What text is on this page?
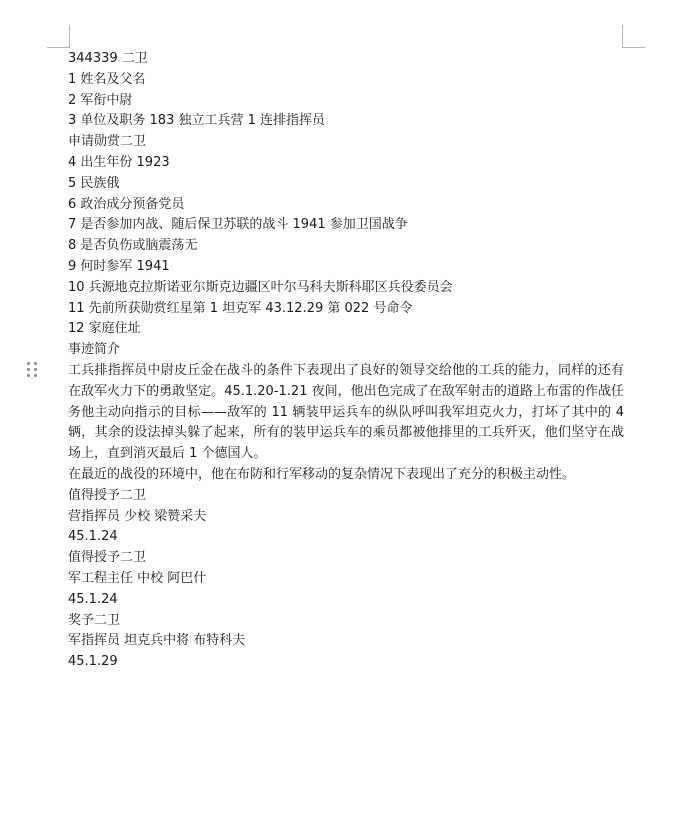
344339 二卫
1 姓名及父名
2 军衔中尉
3 单位及职务 183 独立工兵营 1 连排指挥员
申请勋赏二卫
4 出生年份 1923
5 民族俄
6 政治成分预备党员
7 是否参加内战、随后保卫苏联的战斗 1941 参加卫国战争
8 是否负伤或脑震荡无
9 何时参军 1941
10 兵源地克拉斯诺亚尔斯克边疆区叶尔马科夫斯科耶区兵役委员会
11 先前所获勋赏红星第 1 坦克军 43.12.29 第 022 号命令
12 家庭住址
事迹简介
工兵排指挥员中尉皮丘金在战斗的条件下表现出了良好的领导交给他的工兵的能力，同样的还有在敌军火力下的勇敢坚定。45.1.20-1.21 夜间，他出色完成了在敌军射击的道路上布雷的作战任务他主动向指示的目标——敌军的 11 辆装甲运兵车的纵队呼叫我军坦克火力，打坏了其中的 4 辆，其余的设法掉头躲了起来，所有的装甲运兵车的乘员都被他排里的工兵歼灭，他们坚守在战场上，直到消灭最后 1 个德国人。
在最近的战役的环境中，他在布防和行军移动的复杂情况下表现出了充分的积极主动性。
值得授予二卫
营指挥员 少校 梁赞采夫
45.1.24
值得授予二卫
军工程主任 中校 阿巴什
45.1.24
奖予二卫
军指挥员 坦克兵中将 布特科夫
45.1.29
